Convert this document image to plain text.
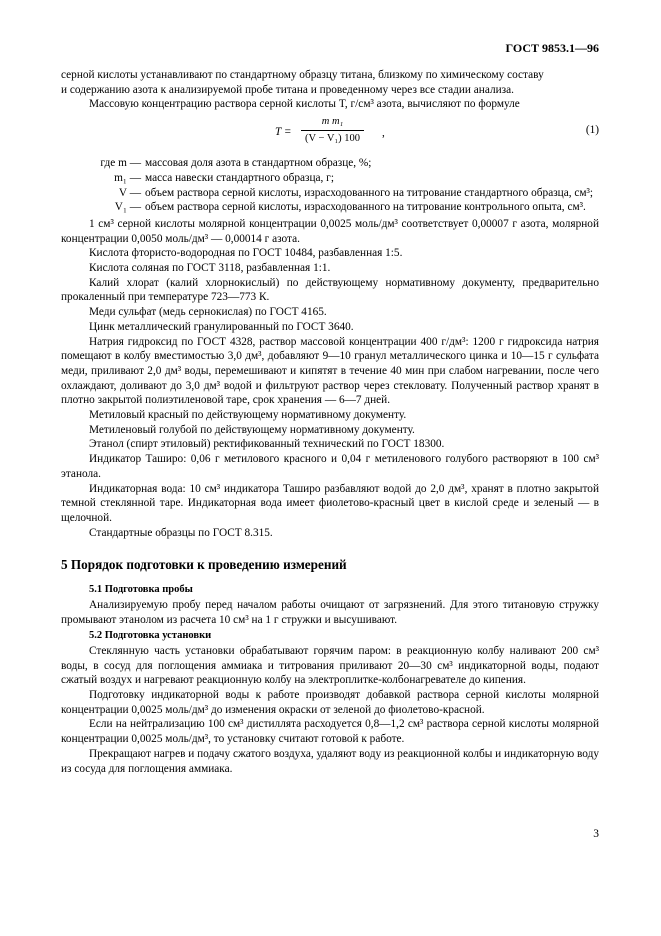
ГОСТ 9853.1—96

серной кислоты устанавливают по стандартному образцу титана, близкому по химическому составу

и содержанию азота к анализируемой пробе титана и проведенному через все стадии анализа.

Массовую концентрацию раствора серной кислоты T, г/см³ азота, вычисляют по формуле

$T = \frac{\text{m m₁}}{\text{(V − V₁) 100}}$ ,	(1)
где m — массовая доля азота в стандартном образце, %;
m₁ — масса навески стандартного образца, г;
V — объем раствора серной кислоты, израсходованного на титрование стандартного образца, см³;
V₁ — объем раствора серной кислоты, израсходованного на титрование контрольного опыта, см³.

1 см³ серной кислоты молярной концентрации 0,0025 моль/дм³ соответствует 0,00007 г азота, молярной концентрации 0,0050 моль/дм³ — 0,00014 г азота.

Кислота фтористо-водородная по ГОСТ 10484, разбавленная 1:5.

Кислота соляная по ГОСТ 3118, разбавленная 1:1.

Калий хлорат (калий хлорнокислый) по действующему нормативному документу, предварительно прокаленный при температуре 723—773 К.

Меди сульфат (медь сернокислая) по ГОСТ 4165.

Цинк металлический гранулированный по ГОСТ 3640.

Натрия гидроксид по ГОСТ 4328, раствор массовой концентрации 400 г/дм³: 1200 г гидроксида натрия помещают в колбу вместимостью 3,0 дм³, добавляют 9—10 гранул металлического цинка и 10—15 г сульфата меди, приливают 2,0 дм³ воды, перемешивают и кипятят в течение 40 мин при слабом нагревании, после чего охлаждают, доливают до 3,0 дм³ водой и фильтруют раствор через стекловату. Полученный раствор хранят в плотно закрытой полиэтиленовой таре, срок хранения — 6—7 дней.

Метиловый красный по действующему нормативному документу.

Метиленовый голубой по действующему нормативному документу.

Этанол (спирт этиловый) ректификованный технический по ГОСТ 18300.

Индикатор Таширо: 0,06 г метилового красного и 0,04 г метиленового голубого растворяют в 100 см³ этанола.

Индикаторная вода: 10 см³ индикатора Таширо разбавляют водой до 2,0 дм³, хранят в плотно закрытой темной стеклянной таре. Индикаторная вода имеет фиолетово-красный цвет в кислой среде и зеленый — в щелочной.

Стандартные образцы по ГОСТ 8.315.

5 Порядок подготовки к проведению измерений
5.1 Подготовка пробы

Анализируемую пробу перед началом работы очищают от загрязнений. Для этого титановую стружку промывают этанолом из расчета 10 см³ на 1 г стружки и высушивают.

5.2 Подготовка установки

Стеклянную часть установки обрабатывают горячим паром: в реакционную колбу наливают 200 см³ воды, в сосуд для поглощения аммиака и титрования приливают 20—30 см³ индикаторной воды, подают сжатый воздух и нагревают реакционную колбу на электроплитке-колбонагревателе до кипения.

Подготовку индикаторной воды к работе производят добавкой раствора серной кислоты молярной концентрации 0,0025 моль/дм³ до изменения окраски от зеленой до фиолетово-красной.

Если на нейтрализацию 100 см³ дистиллята расходуется 0,8—1,2 см³ раствора серной кислоты молярной концентрации 0,0025 моль/дм³, то установку считают готовой к работе.

Прекращают нагрев и подачу сжатого воздуха, удаляют воду из реакционной колбы и индикаторную воду из сосуда для поглощения аммиака.

3
